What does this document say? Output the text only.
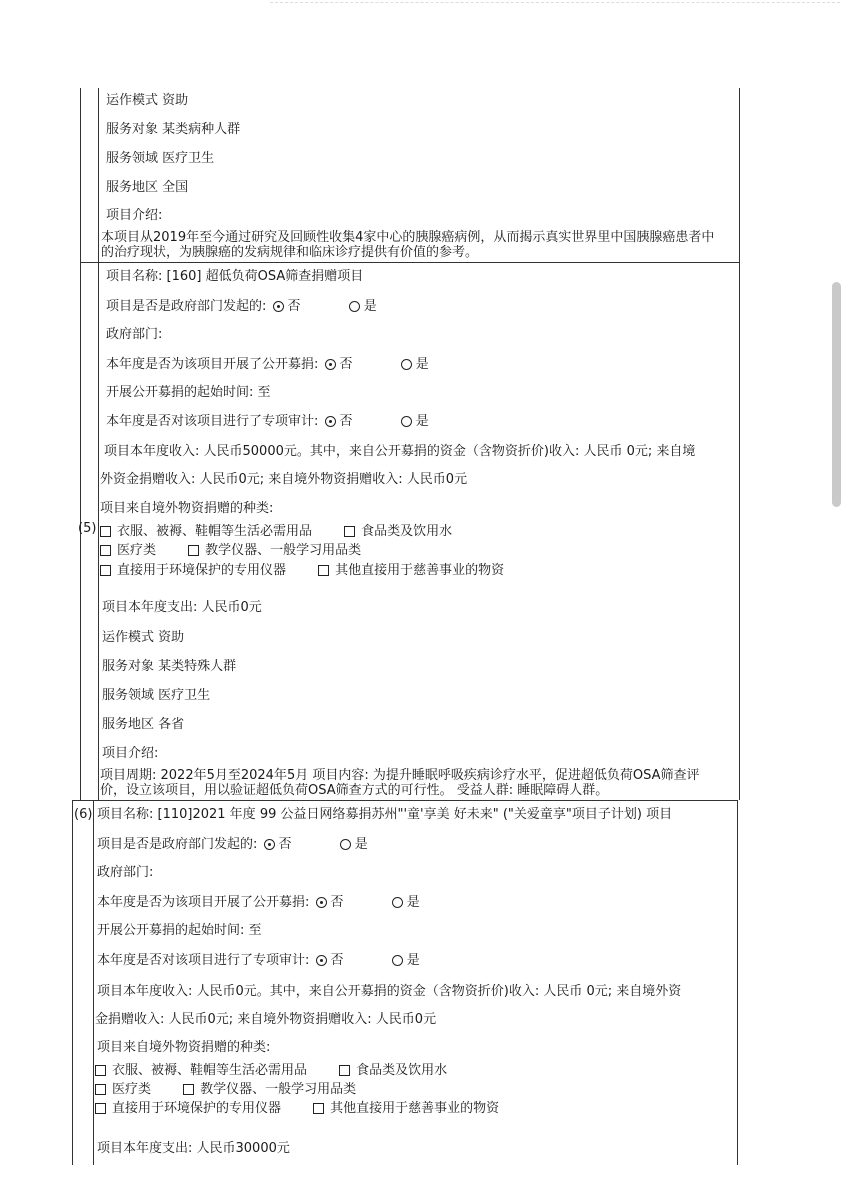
运作模式 资助
服务对象 某类病种人群
服务领域 医疗卫生
服务地区 全国
项目介绍:
本项目从2019年至今通过研究及回顾性收集4家中心的胰腺癌病例，从而揭示真实世界里中国胰腺癌患者中
的治疗现状，为胰腺癌的发病规律和临床诊疗提供有价值的参考。
(5)
项目名称: [160] 超低负荷OSA筛查捐赠项目
项目是否是政府部门发起的: 否	是
政府部门:
本年度是否为该项目开展了公开募捐: 否	是
开展公开募捐的起始时间: 至
本年度是否对该项目进行了专项审计: 否	是
项目本年度收入: 人民币50000元。其中，来自公开募捐的资金（含物资折价)收入: 人民币 0元; 来自境
外资金捐赠收入: 人民币0元; 来自境外物资捐赠收入: 人民币0元
项目来自境外物资捐赠的种类:
衣服、被褥、鞋帽等生活必需用品	食品类及饮用水
医疗类	教学仪器、一般学习用品类
直接用于环境保护的专用仪器	其他直接用于慈善事业的物资
项目本年度支出: 人民币0元
运作模式 资助
服务对象 某类特殊人群
服务领域 医疗卫生
服务地区 各省
项目介绍:
项目周期: 2022年5月至2024年5月 项目内容: 为提升睡眠呼吸疾病诊疗水平，促进超低负荷OSA筛查评
价，设立该项目，用以验证超低负荷OSA筛查方式的可行性。 受益人群: 睡眠障碍人群。
(6) 项目名称: [110]2021 年度 99 公益日网络募捐苏州"'童'享美 好未来" ("关爱童享"项目子计划) 项目
项目是否是政府部门发起的: 否	是
政府部门:
本年度是否为该项目开展了公开募捐: 否	是
开展公开募捐的起始时间: 至
本年度是否对该项目进行了专项审计: 否	是
项目本年度收入: 人民币0元。其中，来自公开募捐的资金（含物资折价)收入: 人民币 0元; 来自境外资
金捐赠收入: 人民币0元; 来自境外物资捐赠收入: 人民币0元
项目来自境外物资捐赠的种类:
衣服、被褥、鞋帽等生活必需用品	食品类及饮用水
医疗类	教学仪器、一般学习用品类
直接用于环境保护的专用仪器	其他直接用于慈善事业的物资
项目本年度支出: 人民币30000元
